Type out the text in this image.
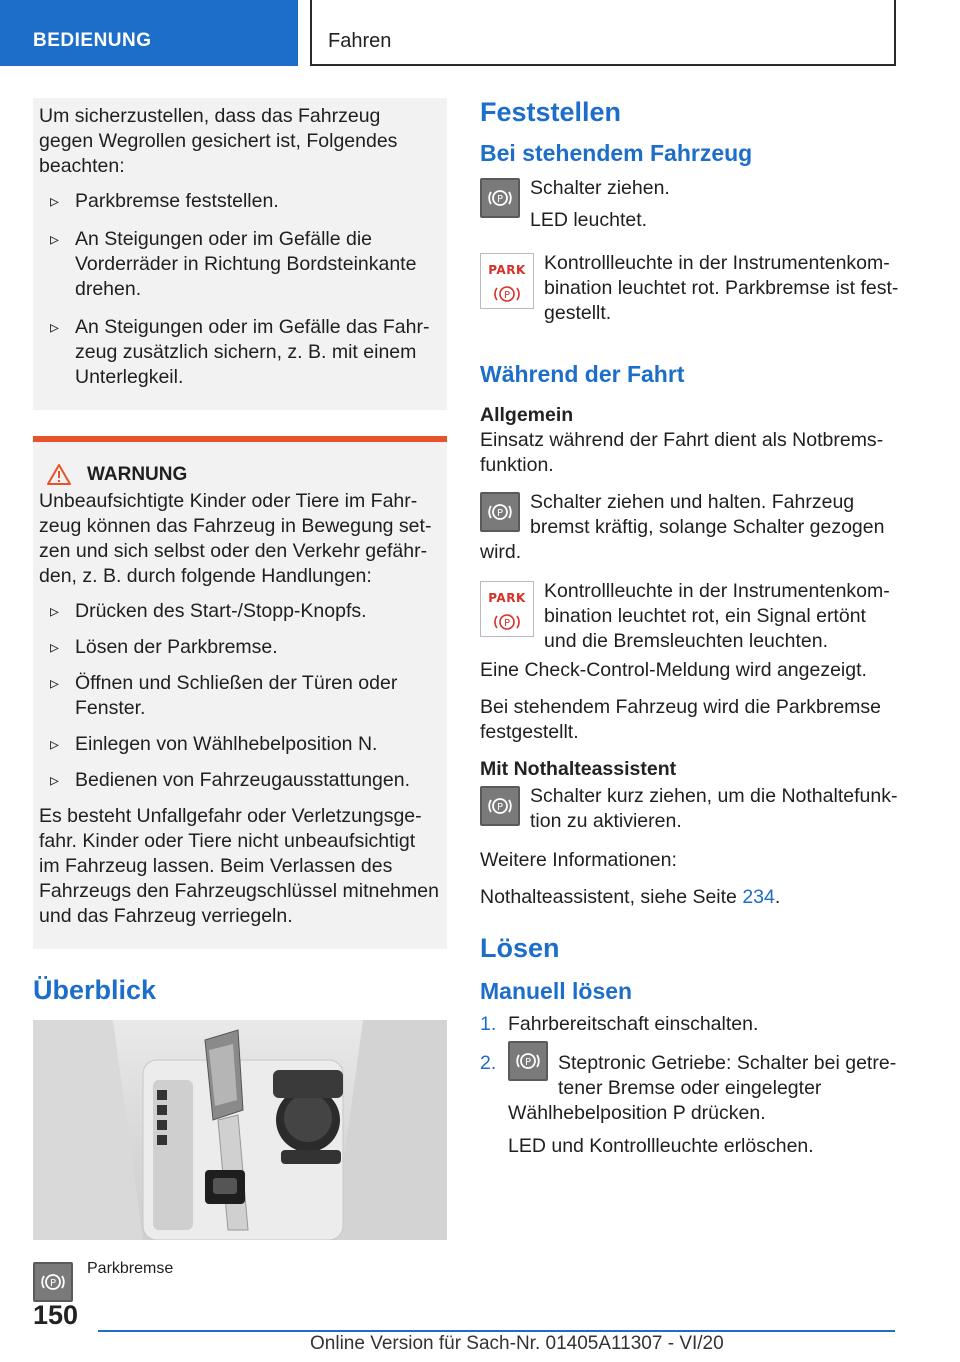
BEDIENUNG	Fahren

Um sicherzustellen, dass das Fahrzeug gegen Wegrollen gesichert ist, Folgendes beachten:

▹ Parkbremse feststellen.
▹ An Steigungen oder im Gefälle die Vorderräder in Richtung Bordsteinkante drehen.
▹ An Steigungen oder im Gefälle das Fahrzeug zusätzlich sichern, z. B. mit einem Unterlegkeil.
WARNUNG

Unbeaufsichtigte Kinder oder Tiere im Fahrzeug können das Fahrzeug in Bewegung setzen und sich selbst oder den Verkehr gefährden, z. B. durch folgende Handlungen:

▹ Drücken des Start-/Stopp-Knopfs.
▹ Lösen der Parkbremse.
▹ Öffnen und Schließen der Türen oder Fenster.
▹ Einlegen von Wählhebelposition N.
▹ Bedienen von Fahrzeugausstattungen.

Es besteht Unfallgefahr oder Verletzungsgefahr. Kinder oder Tiere nicht unbeaufsichtigt im Fahrzeug lassen. Beim Verlassen des Fahrzeugs den Fahrzeugschlüssel mitnehmen und das Fahrzeug verriegeln.

Überblick
P
Parkbremse
Feststellen
Bei stehendem Fahrzeug
P
Schalter ziehen.
LED leuchtet.
PARK
P
Kontrollleuchte in der Instrumentenkombination leuchtet rot. Parkbremse ist festgestellt.
Während der Fahrt
Allgemein

Einsatz während der Fahrt dient als Notbremsfunktion.

P
Schalter ziehen und halten. Fahrzeug bremst kräftig, solange Schalter gezogen

wird.

PARK
P
Kontrollleuchte in der Instrumentenkombination leuchtet rot, ein Signal ertönt und die Bremsleuchten leuchten.

Eine Check-Control-Meldung wird angezeigt.

Bei stehendem Fahrzeug wird die Parkbremse festgestellt.

Mit Nothalteassistent
P
Schalter kurz ziehen, um die Nothaltefunktion zu aktivieren.

Weitere Informationen:

Nothalteassistent, siehe Seite 234.

Lösen
Manuell lösen
1. Fahrbereitschaft einschalten.
2.	P Steptronic Getriebe: Schalter bei getretener Bremse oder eingelegter Wählhebelposition P drücken.
LED und Kontrollleuchte erlöschen.
150
Online Version für Sach-Nr. 01405A11307 - VI/20
